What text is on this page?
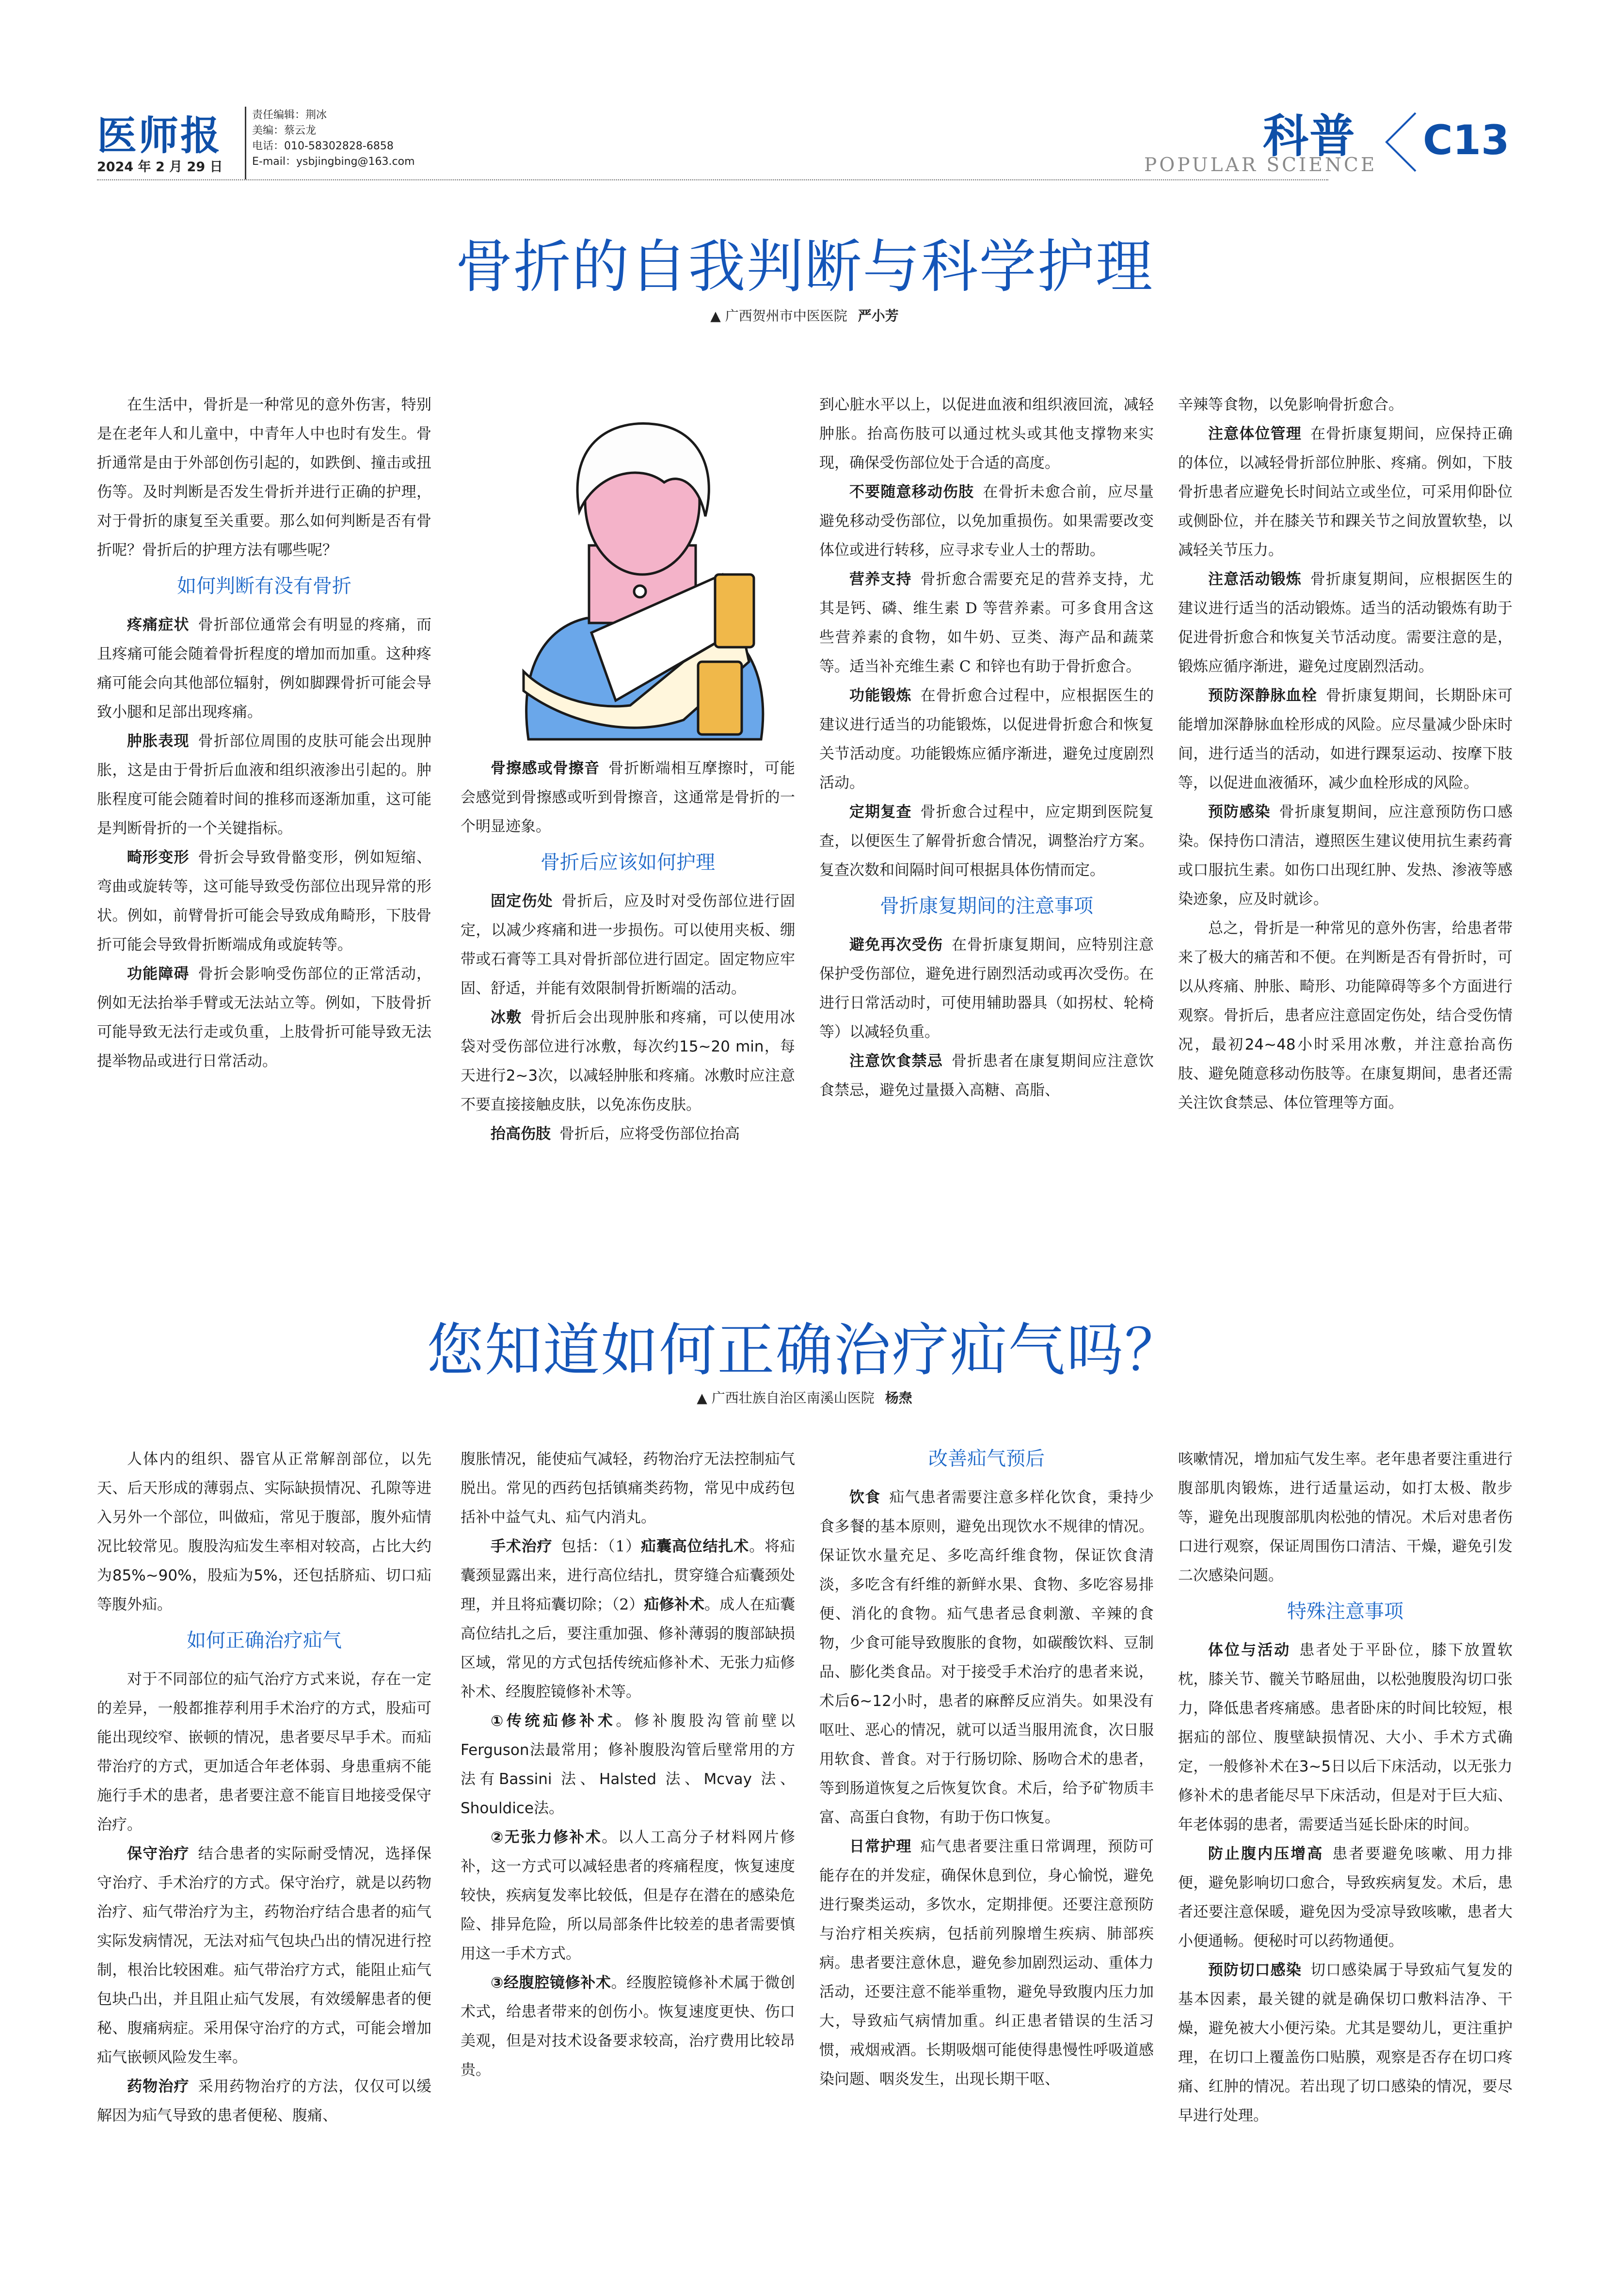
医师报
2024 年 2 月 29 日
责任编辑：荆冰
美编：蔡云龙
电话：010-58302828-6858
E-mail：ysbjingbing@163.com	科普
POPULAR SCIENCE
C13
骨折的自我判断与科学护理
▲ 广西贺州市中医医院 严小芳

在生活中，骨折是一种常见的意外伤害，特别是在老年人和儿童中，中青年人中也时有发生。骨折通常是由于外部创伤引起的，如跌倒、撞击或扭伤等。及时判断是否发生骨折并进行正确的护理，对于骨折的康复至关重要。那么如何判断是否有骨折呢？骨折后的护理方法有哪些呢？

如何判断有没有骨折

疼痛症状 骨折部位通常会有明显的疼痛，而且疼痛可能会随着骨折程度的增加而加重。这种疼痛可能会向其他部位辐射，例如脚踝骨折可能会导致小腿和足部出现疼痛。

肿胀表现 骨折部位周围的皮肤可能会出现肿胀，这是由于骨折后血液和组织液渗出引起的。肿胀程度可能会随着时间的推移而逐渐加重，这可能是判断骨折的一个关键指标。

畸形变形 骨折会导致骨骼变形，例如短缩、弯曲或旋转等，这可能导致受伤部位出现异常的形状。例如，前臂骨折可能会导致成角畸形，下肢骨折可能会导致骨折断端成角或旋转等。

功能障碍 骨折会影响受伤部位的正常活动，例如无法抬举手臂或无法站立等。例如，下肢骨折可能导致无法行走或负重，上肢骨折可能导致无法提举物品或进行日常活动。

骨擦感或骨擦音 骨折断端相互摩擦时，可能会感觉到骨擦感或听到骨擦音，这通常是骨折的一个明显迹象。

骨折后应该如何护理

固定伤处 骨折后，应及时对受伤部位进行固定，以减少疼痛和进一步损伤。可以使用夹板、绷带或石膏等工具对骨折部位进行固定。固定物应牢固、舒适，并能有效限制骨折断端的活动。

冰敷 骨折后会出现肿胀和疼痛，可以使用冰袋对受伤部位进行冰敷，每次约15~20 min，每天进行2~3次，以减轻肿胀和疼痛。冰敷时应注意不要直接接触皮肤，以免冻伤皮肤。

抬高伤肢 骨折后，应将受伤部位抬高

到心脏水平以上，以促进血液和组织液回流，减轻肿胀。抬高伤肢可以通过枕头或其他支撑物来实现，确保受伤部位处于合适的高度。

不要随意移动伤肢 在骨折未愈合前，应尽量避免移动受伤部位，以免加重损伤。如果需要改变体位或进行转移，应寻求专业人士的帮助。

营养支持 骨折愈合需要充足的营养支持，尤其是钙、磷、维生素 D 等营养素。可多食用含这些营养素的食物，如牛奶、豆类、海产品和蔬菜等。适当补充维生素 C 和锌也有助于骨折愈合。

功能锻炼 在骨折愈合过程中，应根据医生的建议进行适当的功能锻炼，以促进骨折愈合和恢复关节活动度。功能锻炼应循序渐进，避免过度剧烈活动。

定期复查 骨折愈合过程中，应定期到医院复查，以便医生了解骨折愈合情况，调整治疗方案。复查次数和间隔时间可根据具体伤情而定。

骨折康复期间的注意事项

避免再次受伤 在骨折康复期间，应特别注意保护受伤部位，避免进行剧烈活动或再次受伤。在进行日常活动时，可使用辅助器具（如拐杖、轮椅等）以减轻负重。

注意饮食禁忌 骨折患者在康复期间应注意饮食禁忌，避免过量摄入高糖、高脂、

辛辣等食物，以免影响骨折愈合。

注意体位管理 在骨折康复期间，应保持正确的体位，以减轻骨折部位肿胀、疼痛。例如，下肢骨折患者应避免长时间站立或坐位，可采用仰卧位或侧卧位，并在膝关节和踝关节之间放置软垫，以减轻关节压力。

注意活动锻炼 骨折康复期间，应根据医生的建议进行适当的活动锻炼。适当的活动锻炼有助于促进骨折愈合和恢复关节活动度。需要注意的是，锻炼应循序渐进，避免过度剧烈活动。

预防深静脉血栓 骨折康复期间，长期卧床可能增加深静脉血栓形成的风险。应尽量减少卧床时间，进行适当的活动，如进行踝泵运动、按摩下肢等，以促进血液循环，减少血栓形成的风险。

预防感染 骨折康复期间，应注意预防伤口感染。保持伤口清洁，遵照医生建议使用抗生素药膏或口服抗生素。如伤口出现红肿、发热、渗液等感染迹象，应及时就诊。

总之，骨折是一种常见的意外伤害，给患者带来了极大的痛苦和不便。在判断是否有骨折时，可以从疼痛、肿胀、畸形、功能障碍等多个方面进行观察。骨折后，患者应注意固定伤处，结合受伤情况，最初24~48小时采用冰敷，并注意抬高伤肢、避免随意移动伤肢等。在康复期间，患者还需关注饮食禁忌、体位管理等方面。

您知道如何正确治疗疝气吗？
▲ 广西壮族自治区南溪山医院 杨焘

人体内的组织、器官从正常解剖部位，以先天、后天形成的薄弱点、实际缺损情况、孔隙等进入另外一个部位，叫做疝，常见于腹部，腹外疝情况比较常见。腹股沟疝发生率相对较高，占比大约为85%~90%，股疝为5%，还包括脐疝、切口疝等腹外疝。

如何正确治疗疝气

对于不同部位的疝气治疗方式来说，存在一定的差异，一般都推荐利用手术治疗的方式，股疝可能出现绞窄、嵌顿的情况，患者要尽早手术。而疝带治疗的方式，更加适合年老体弱、身患重病不能施行手术的患者，患者要注意不能盲目地接受保守治疗。

保守治疗 结合患者的实际耐受情况，选择保守治疗、手术治疗的方式。保守治疗，就是以药物治疗、疝气带治疗为主，药物治疗结合患者的疝气实际发病情况，无法对疝气包块凸出的情况进行控制，根治比较困难。疝气带治疗方式，能阻止疝气包块凸出，并且阻止疝气发展，有效缓解患者的便秘、腹痛病症。采用保守治疗的方式，可能会增加疝气嵌顿风险发生率。

药物治疗 采用药物治疗的方法，仅仅可以缓解因为疝气导致的患者便秘、腹痛、

腹胀情况，能使疝气减轻，药物治疗无法控制疝气脱出。常见的西药包括镇痛类药物，常见中成药包括补中益气丸、疝气内消丸。

手术治疗 包括：（1）疝囊高位结扎术。将疝囊颈显露出来，进行高位结扎，贯穿缝合疝囊颈处理，并且将疝囊切除；（2）疝修补术。成人在疝囊高位结扎之后，要注重加强、修补薄弱的腹部缺损区域，常见的方式包括传统疝修补术、无张力疝修补术、经腹腔镜修补术等。

①传统疝修补术。修补腹股沟管前壁以Ferguson法最常用；修补腹股沟管后壁常用的方法有Bassini 法、Halsted 法、Mcvay 法、Shouldice法。

②无张力修补术。以人工高分子材料网片修补，这一方式可以减轻患者的疼痛程度，恢复速度较快，疾病复发率比较低，但是存在潜在的感染危险、排异危险，所以局部条件比较差的患者需要慎用这一手术方式。

③经腹腔镜修补术。经腹腔镜修补术属于微创术式，给患者带来的创伤小。恢复速度更快、伤口美观，但是对技术设备要求较高，治疗费用比较昂贵。

改善疝气预后

饮食 疝气患者需要注意多样化饮食，秉持少食多餐的基本原则，避免出现饮水不规律的情况。保证饮水量充足、多吃高纤维食物，保证饮食清淡，多吃含有纤维的新鲜水果、食物、多吃容易排便、消化的食物。疝气患者忌食刺激、辛辣的食物，少食可能导致腹胀的食物，如碳酸饮料、豆制品、膨化类食品。对于接受手术治疗的患者来说，术后6~12小时，患者的麻醉反应消失。如果没有呕吐、恶心的情况，就可以适当服用流食，次日服用软食、普食。对于行肠切除、肠吻合术的患者，等到肠道恢复之后恢复饮食。术后，给予矿物质丰富、高蛋白食物，有助于伤口恢复。

日常护理 疝气患者要注重日常调理，预防可能存在的并发症，确保休息到位，身心愉悦，避免进行聚类运动，多饮水，定期排便。还要注意预防与治疗相关疾病，包括前列腺增生疾病、肺部疾病。患者要注意休息，避免参加剧烈运动、重体力活动，还要注意不能举重物，避免导致腹内压力加大，导致疝气病情加重。纠正患者错误的生活习惯，戒烟戒酒。长期吸烟可能使得患慢性呼吸道感染问题、咽炎发生，出现长期干呕、

咳嗽情况，增加疝气发生率。老年患者要注重进行腹部肌肉锻炼，进行适量运动，如打太极、散步等，避免出现腹部肌肉松弛的情况。术后对患者伤口进行观察，保证周围伤口清洁、干燥，避免引发二次感染问题。

特殊注意事项

体位与活动 患者处于平卧位，膝下放置软枕，膝关节、髋关节略屈曲，以松弛腹股沟切口张力，降低患者疼痛感。患者卧床的时间比较短，根据疝的部位、腹壁缺损情况、大小、手术方式确定，一般修补术在3~5日以后下床活动，以无张力修补术的患者能尽早下床活动，但是对于巨大疝、年老体弱的患者，需要适当延长卧床的时间。

防止腹内压增高 患者要避免咳嗽、用力排便，避免影响切口愈合，导致疾病复发。术后，患者还要注意保暖，避免因为受凉导致咳嗽，患者大小便通畅。便秘时可以药物通便。

预防切口感染 切口感染属于导致疝气复发的基本因素，最关键的就是确保切口敷料洁净、干燥，避免被大小便污染。尤其是婴幼儿，更注重护理，在切口上覆盖伤口贴膜，观察是否存在切口疼痛、红肿的情况。若出现了切口感染的情况，要尽早进行处理。
